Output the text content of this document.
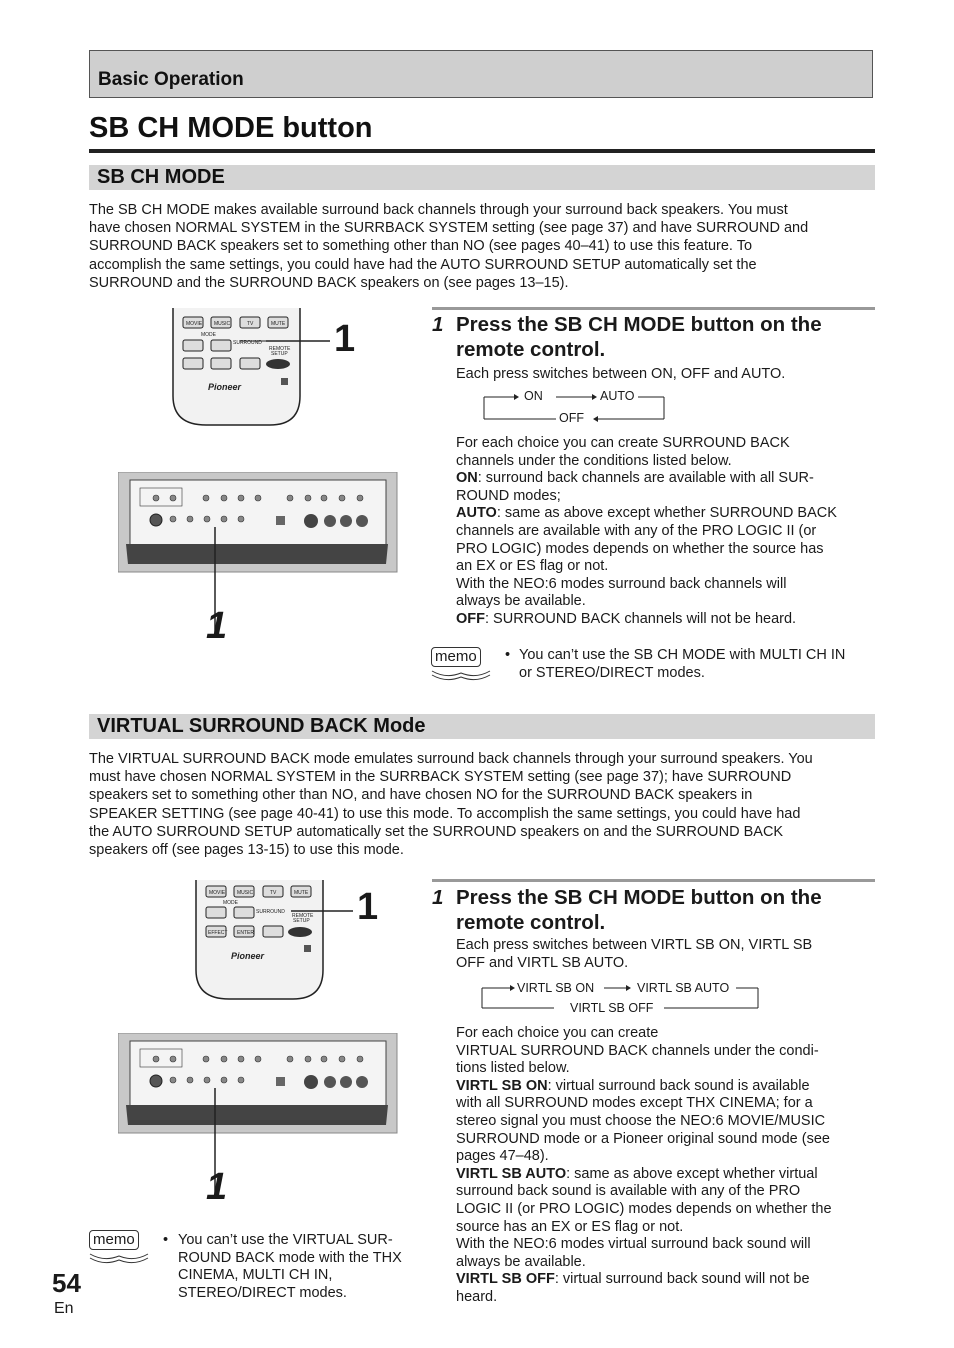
Basic Operation
SB CH MODE button
SB CH MODE
The SB CH MODE makes available surround back channels through your surround back speakers. You must
have chosen NORMAL SYSTEM in the SURRBACK SYSTEM setting (see page 37) and have SURROUND and
SURROUND BACK speakers set to something other than NO (see pages 40–41) to use this feature. To
accomplish the same settings, you could have had the AUTO SURROUND SETUP automatically set the
SURROUND and the SURROUND BACK speakers on (see pages 13–15).
MOVIE MUSIC	TV	MUTE
MODE
SURROUND
REMOTE
SETUP
Pioneer
1
1
1 Press the SB CH MODE button on the
remote control.
Each press switches between ON, OFF and AUTO.
ON	AUTO
OFF
For each choice you can create SURROUND BACK
channels under the conditions listed below.
ON: surround back channels are available with all SUR-
ROUND modes;
AUTO: same as above except whether SURROUND BACK
channels are available with any of the PRO LOGIC II (or
PRO LOGIC) modes depends on whether the source has
an EX or ES flag or not.
With the NEO:6 modes surround back channels will
always be available.
OFF: SURROUND BACK channels will not be heard.
memo • You can’t use the SB CH MODE with MULTI CH IN
or STEREO/DIRECT modes.
VIRTUAL SURROUND BACK Mode
The VIRTUAL SURROUND BACK mode emulates surround back channels through your surround speakers. You
must have chosen NORMAL SYSTEM in the SURRBACK SYSTEM setting (see page 37); have SURROUND
speakers set to something other than NO, and have chosen NO for the SURROUND BACK speakers in
SPEAKER SETTING (see page 40-41) to use this mode. To accomplish the same settings, you could have had
the AUTO SURROUND SETUP automatically set the SURROUND speakers on and the SURROUND BACK
speakers off (see pages 13-15) to use this mode.
MOVIE MUSIC	TV	MUTE
MODE
SURROUND
EFFECT ENTER
REMOTE
SETUP
Pioneer
1
1
memo • You can’t use the VIRTUAL SUR-
ROUND BACK mode with the THX
CINEMA, MULTI CH IN,
STEREO/DIRECT modes.
1 Press the SB CH MODE button on the
remote control.
Each press switches between VIRTL SB ON, VIRTL SB
OFF and VIRTL SB AUTO.
VIRTL SB ON	VIRTL SB AUTO
VIRTL SB OFF
For each choice you can create
VIRTUAL SURROUND BACK channels under the condi-
tions listed below.
VIRTL SB ON: virtual surround back sound is available
with all SURROUND modes except THX CINEMA; for a
stereo signal you must choose the NEO:6 MOVIE/MUSIC
SURROUND mode or a Pioneer original sound mode (see
pages 47–48).
VIRTL SB AUTO: same as above except whether virtual
surround back sound is available with any of the PRO
LOGIC II (or PRO LOGIC) modes depends on whether the
source has an EX or ES flag or not.
With the NEO:6 modes virtual surround back sound will
always be available.
VIRTL SB OFF: virtual surround back sound will not be
heard.
54
En
